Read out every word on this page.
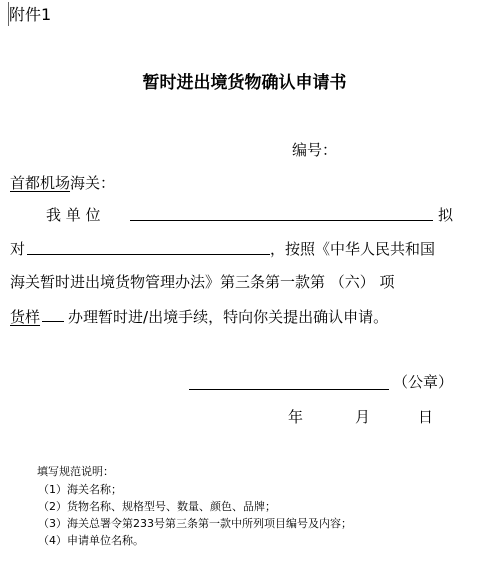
附件1
暂时进出境货物确认申请书
编号：
首都机场海关：
我 单 位	拟
对	，按照《中华人民共和国
海关暂时进出境货物管理办法》第三条第一款第 （六） 项
货样 办理暂时进/出境手续，特向你关提出确认申请。
（公章）
年	月	日
填写规范说明：
（1）海关名称；
（2）货物名称、规格型号、数量、颜色、品牌；
（3）海关总署令第233号第三条第一款中所列项目编号及内容；
（4）申请单位名称。
